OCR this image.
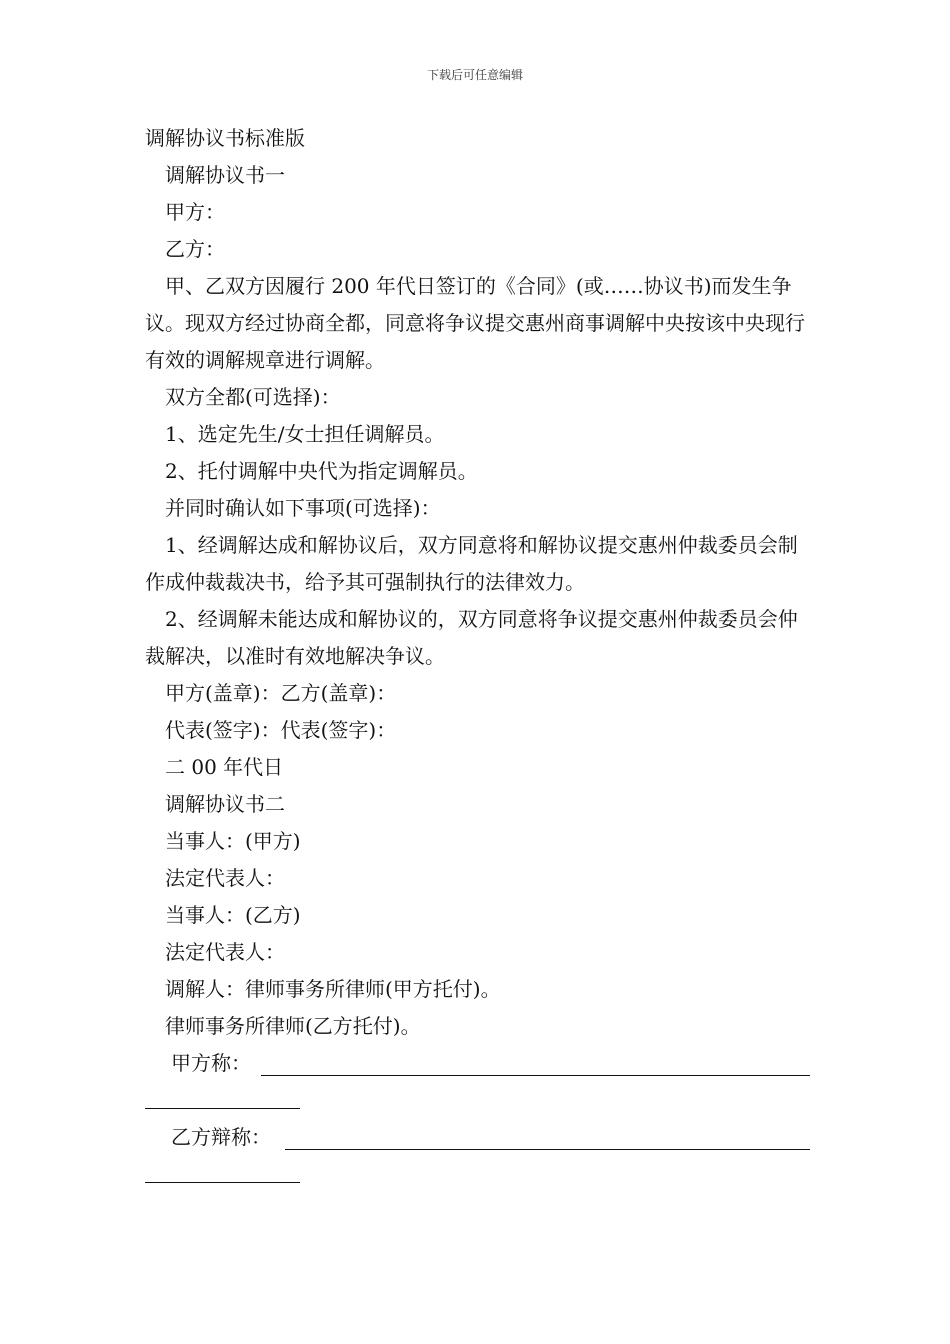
下载后可任意编辑

调解协议书标准版

调解协议书一

甲方：

乙方：

甲、乙双方因履行 200 年代日签订的《合同》(或……协议书)而发生争议。现双方经过协商全都，同意将争议提交惠州商事调解中央按该中央现行有效的调解规章进行调解。

双方全都(可选择)：

1、选定先生/女士担任调解员。

2、托付调解中央代为指定调解员。

并同时确认如下事项(可选择)：

1、经调解达成和解协议后，双方同意将和解协议提交惠州仲裁委员会制作成仲裁裁决书，给予其可强制执行的法律效力。

2、经调解未能达成和解协议的，双方同意将争议提交惠州仲裁委员会仲裁解决，以准时有效地解决争议。

甲方(盖章)：乙方(盖章)：

代表(签字)：代表(签字)：

二 00 年代日

调解协议书二

当事人：(甲方)

法定代表人：

当事人：(乙方)

法定代表人：

调解人：律师事务所律师(甲方托付)。

律师事务所律师(乙方托付)。

甲方称：
乙方辩称：
